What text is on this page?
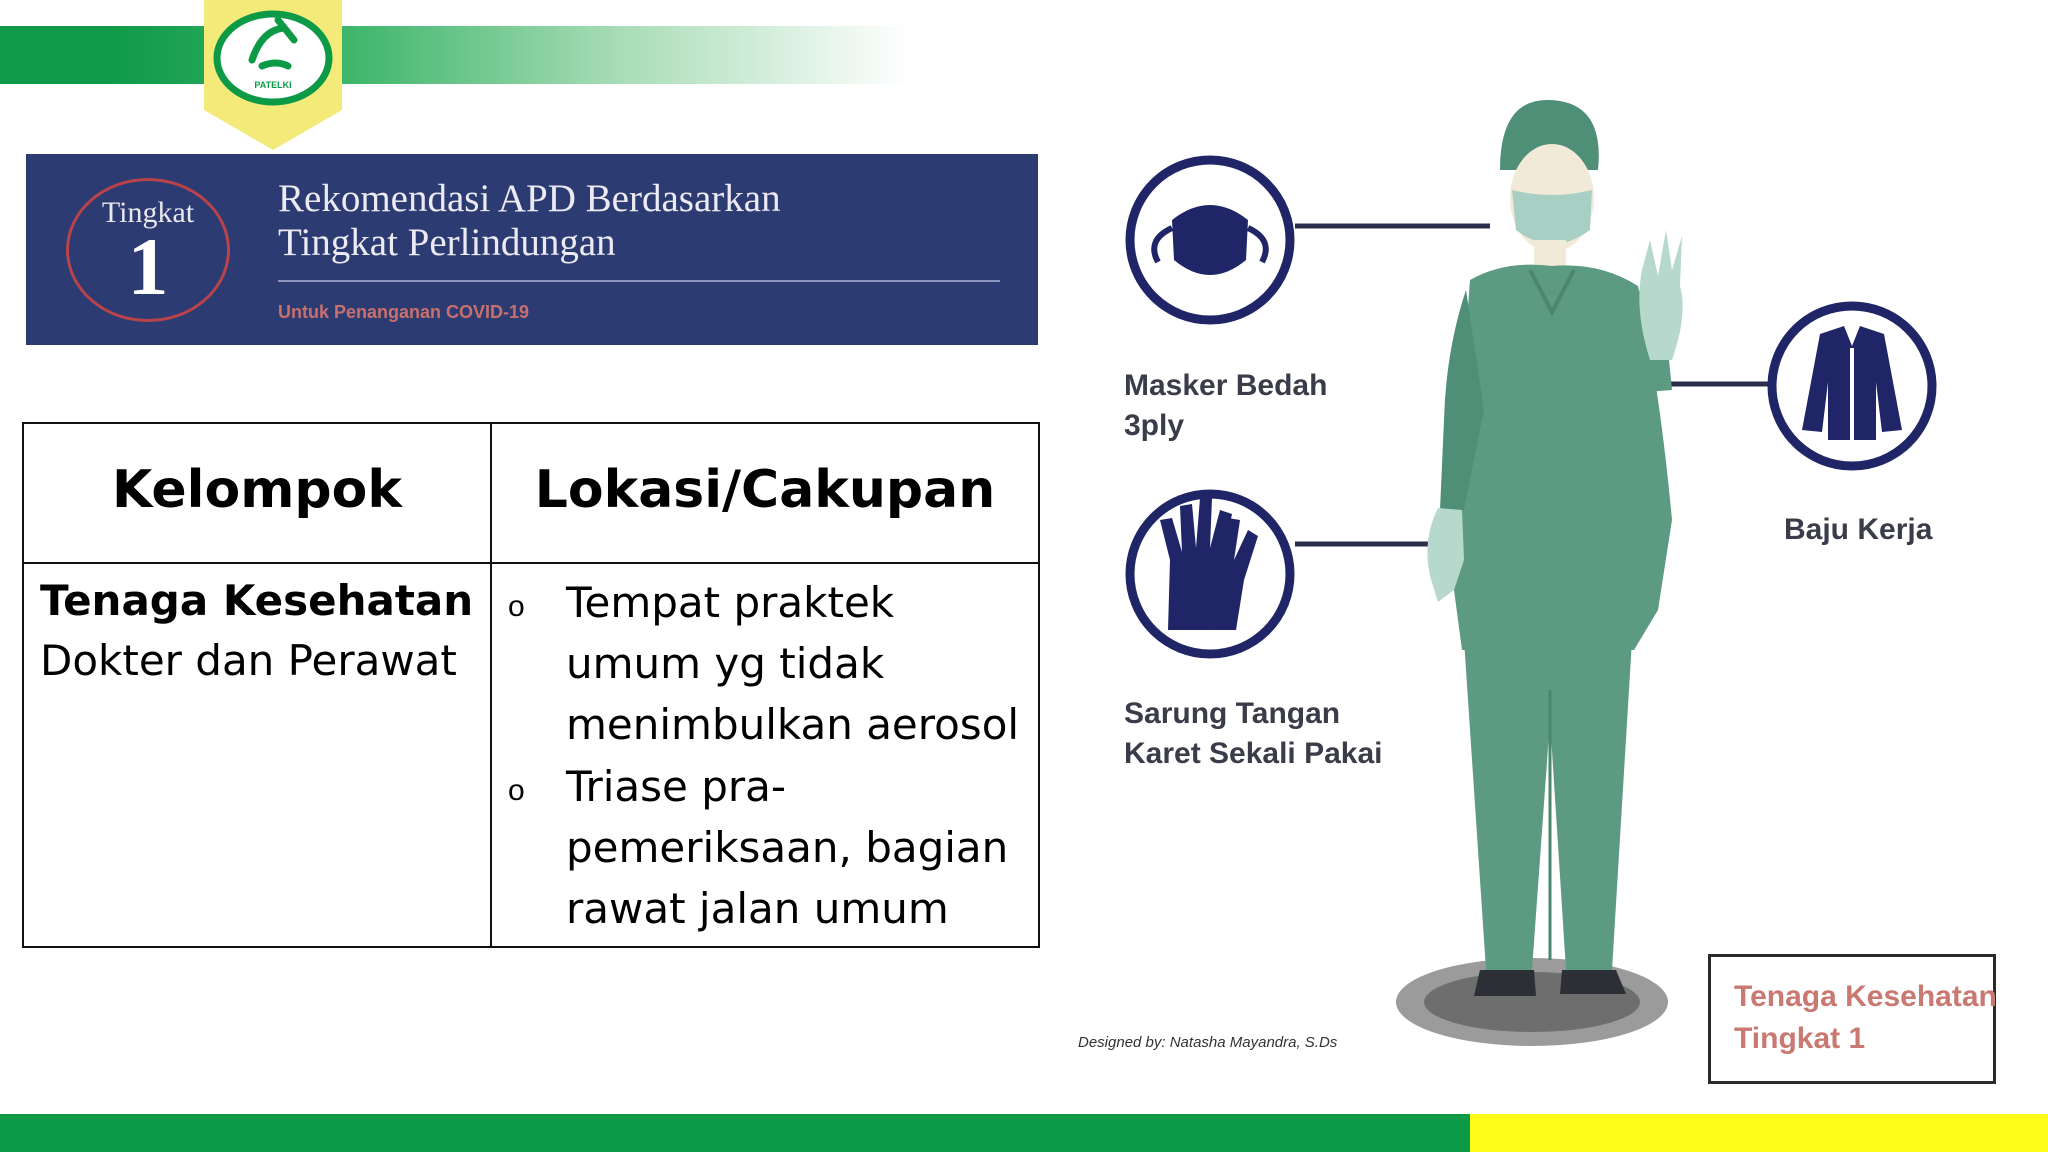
PATELKI
Tingkat
1
Rekomendasi APD Berdasarkan
Tingkat Perlindungan
Untuk Penanganan COVID-19
Kelompok	Lokasi/Cakupan
Tenaga Kesehatan
Dokter dan Perawat
o Tempat praktek umum yg tidak menimbulkan aerosol
o Triase pra-pemeriksaan, bagian rawat jalan umum
Masker Bedah
3ply
Sarung Tangan
Karet Sekali Pakai
Baju Kerja
Designed by: Natasha Mayandra, S.Ds
Tenaga Kesehatan
Tingkat 1
